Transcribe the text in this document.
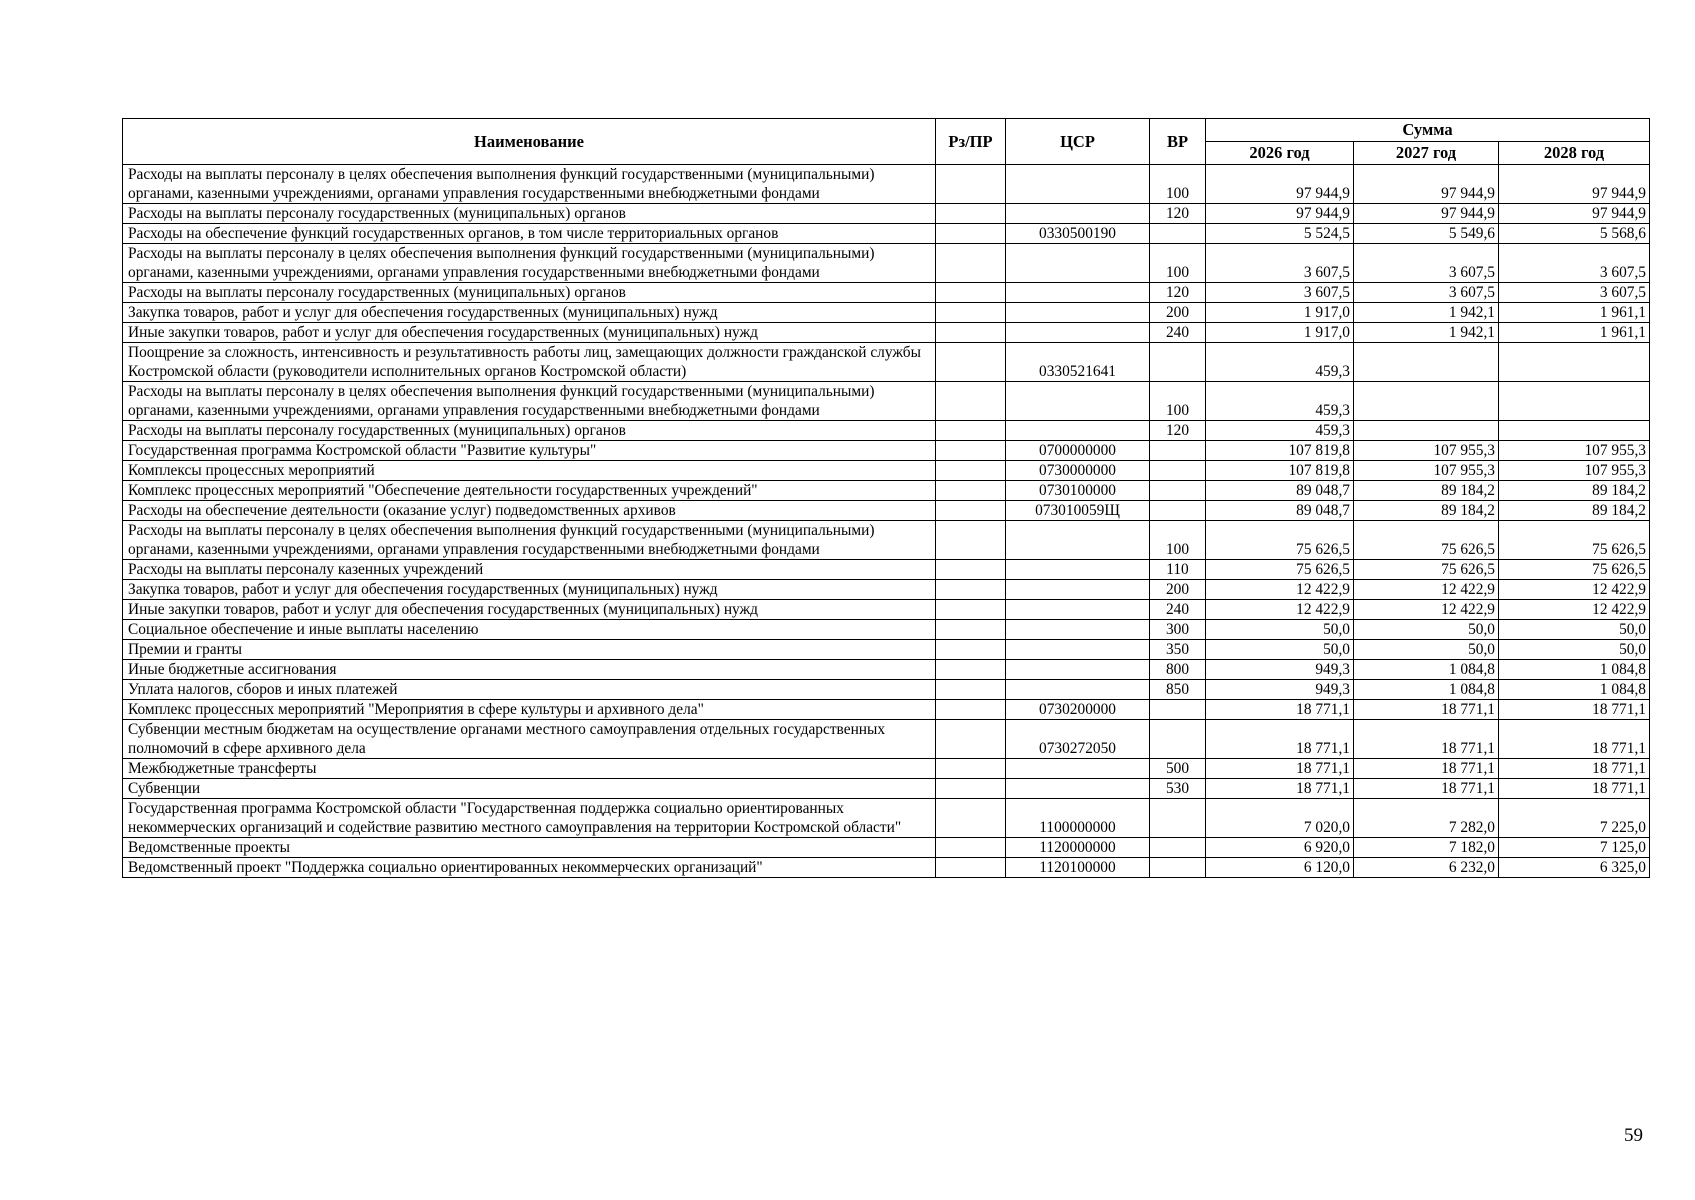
Наименование	Рз/ПР	ЦСР	ВР	Сумма		
				2026 год	2027 год	2028 год
Расходы на выплаты персоналу в целях обеспечения выполнения функций государственными (муниципальными) органами, казенными учреждениями, органами управления государственными внебюджетными фондами			100	97 944,9	97 944,9	97 944,9
Расходы на выплаты персоналу государственных (муниципальных) органов			120	97 944,9	97 944,9	97 944,9
Расходы на обеспечение функций государственных органов, в том числе территориальных органов		0330500190		5 524,5	5 549,6	5 568,6
Расходы на выплаты персоналу в целях обеспечения выполнения функций государственными (муниципальными) органами, казенными учреждениями, органами управления государственными внебюджетными фондами			100	3 607,5	3 607,5	3 607,5
Расходы на выплаты персоналу государственных (муниципальных) органов			120	3 607,5	3 607,5	3 607,5
Закупка товаров, работ и услуг для обеспечения государственных (муниципальных) нужд			200	1 917,0	1 942,1	1 961,1
Иные закупки товаров, работ и услуг для обеспечения государственных (муниципальных) нужд			240	1 917,0	1 942,1	1 961,1
Поощрение за сложность, интенсивность и результативность работы лиц, замещающих должности гражданской службы Костромской области (руководители исполнительных органов Костромской области)		0330521641		459,3		
Расходы на выплаты персоналу в целях обеспечения выполнения функций государственными (муниципальными) органами, казенными учреждениями, органами управления государственными внебюджетными фондами			100	459,3		
Расходы на выплаты персоналу государственных (муниципальных) органов			120	459,3		
Государственная программа Костромской области "Развитие культуры"		0700000000		107 819,8	107 955,3	107 955,3
Комплексы процессных мероприятий		0730000000		107 819,8	107 955,3	107 955,3
Комплекс процессных мероприятий "Обеспечение деятельности государственных учреждений"		0730100000		89 048,7	89 184,2	89 184,2
Расходы на обеспечение деятельности (оказание услуг) подведомственных архивов		073010059Щ		89 048,7	89 184,2	89 184,2
Расходы на выплаты персоналу в целях обеспечения выполнения функций государственными (муниципальными) органами, казенными учреждениями, органами управления государственными внебюджетными фондами			100	75 626,5	75 626,5	75 626,5
Расходы на выплаты персоналу казенных учреждений			110	75 626,5	75 626,5	75 626,5
Закупка товаров, работ и услуг для обеспечения государственных (муниципальных) нужд			200	12 422,9	12 422,9	12 422,9
Иные закупки товаров, работ и услуг для обеспечения государственных (муниципальных) нужд			240	12 422,9	12 422,9	12 422,9
Социальное обеспечение и иные выплаты населению			300	50,0	50,0	50,0
Премии и гранты			350	50,0	50,0	50,0
Иные бюджетные ассигнования			800	949,3	1 084,8	1 084,8
Уплата налогов, сборов и иных платежей			850	949,3	1 084,8	1 084,8
Комплекс процессных мероприятий "Мероприятия в сфере культуры и архивного дела"		0730200000		18 771,1	18 771,1	18 771,1
Субвенции местным бюджетам на осуществление органами местного самоуправления отдельных государственных полномочий в сфере архивного дела		0730272050		18 771,1	18 771,1	18 771,1
Межбюджетные трансферты			500	18 771,1	18 771,1	18 771,1
Субвенции			530	18 771,1	18 771,1	18 771,1
Государственная программа Костромской области "Государственная поддержка социально ориентированных некоммерческих организаций и содействие развитию местного самоуправления на территории Костромской области"		1100000000		7 020,0	7 282,0	7 225,0
Ведомственные проекты		1120000000		6 920,0	7 182,0	7 125,0
Ведомственный проект "Поддержка социально ориентированных некоммерческих организаций"		1120100000		6 120,0	6 232,0	6 325,0
59
